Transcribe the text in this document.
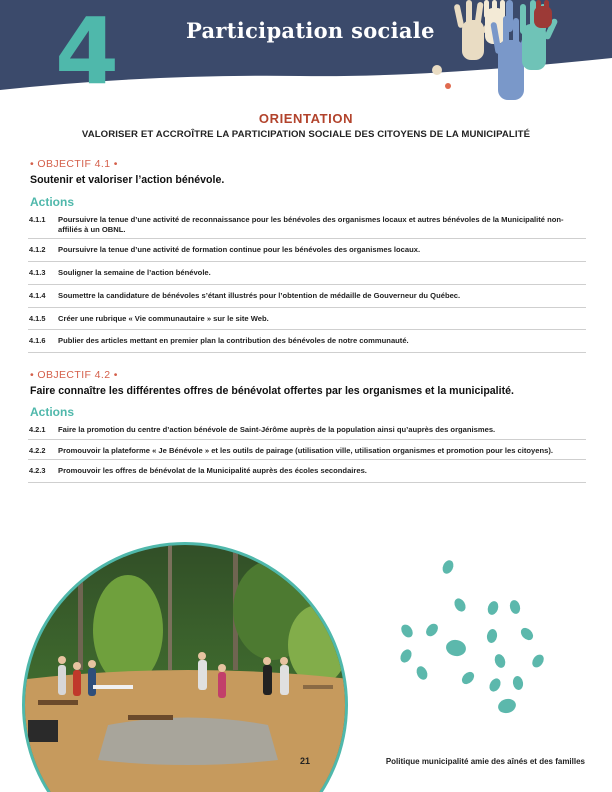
4	Participation sociale
ORIENTATION
VALORISER ET ACCROÎTRE LA PARTICIPATION SOCIALE DES CITOYENS DE LA MUNICIPALITÉ
• OBJECTIF 4.1 •
Soutenir et valoriser l’action bénévole.
Actions
4.1.1	Poursuivre la tenue d’une activité de reconnaissance pour les bénévoles des organismes locaux et autres bénévoles de la Municipalité non-affiliés à un OBNL.
4.1.2	Poursuivre la tenue d’une activité de formation continue pour les bénévoles des organismes locaux.
4.1.3	Souligner la semaine de l’action bénévole.
4.1.4	Soumettre la candidature de bénévoles s’étant illustrés pour l’obtention de médaille de Gouverneur du Québec.
4.1.5	Créer une rubrique « Vie communautaire » sur le site Web.
4.1.6	Publier des articles mettant en premier plan la contribution des bénévoles de notre communauté.
• OBJECTIF 4.2 •
Faire connaître les différentes offres de bénévolat offertes par les organismes et la municipalité.
Actions
4.2.1	Faire la promotion du centre d’action bénévole de Saint-Jérôme auprès de la population ainsi qu’auprès des organismes.
4.2.2	Promouvoir la plateforme « Je Bénévole » et les outils de pairage (utilisation ville, utilisation organismes et promotion pour les citoyens).
4.2.3	Promouvoir les offres de bénévolat de la Municipalité auprès des écoles secondaires.
21	Politique municipalité amie des aînés et des familles
